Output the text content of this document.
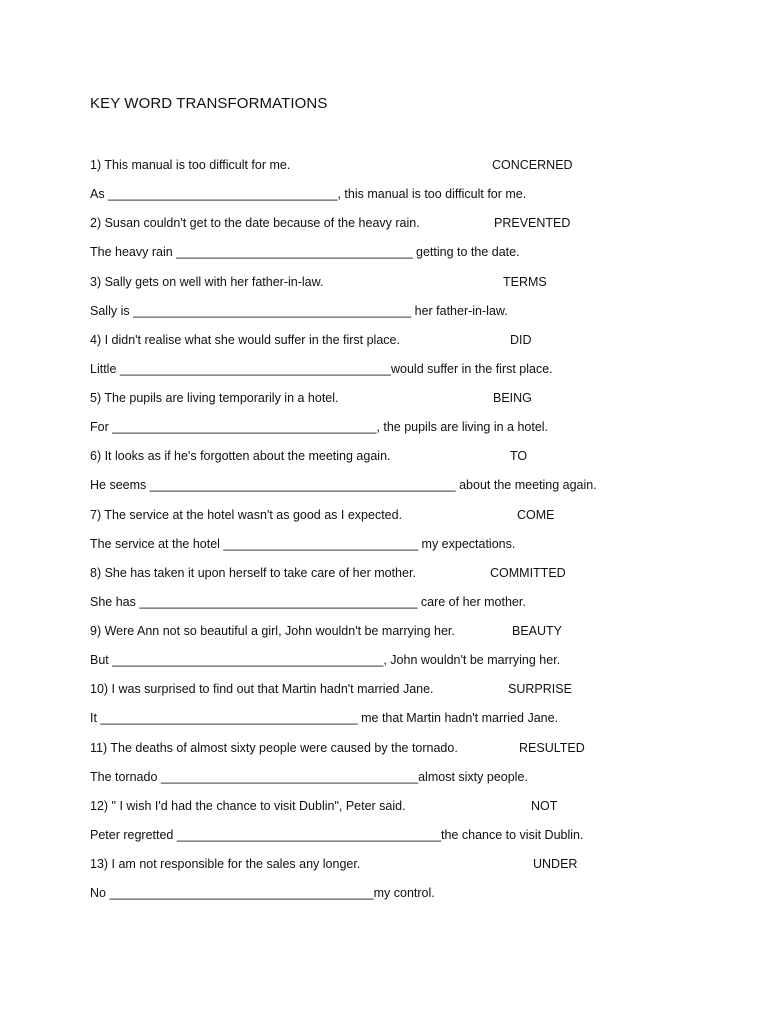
KEY WORD TRANSFORMATIONS
1) This manual is too difficult for me.	CONCERNED
As _________________________________, this manual is too difficult for me.
2) Susan couldn't get to the date because of the heavy rain.	PREVENTED
The heavy rain __________________________________ getting to the date.
3) Sally gets on well with her father-in-law.	TERMS
Sally is ________________________________________ her father-in-law.
4) I didn't realise what she would suffer in the first place.	DID
Little _______________________________________would suffer in the first place.
5) The pupils are living temporarily in a hotel.	BEING
For ______________________________________, the pupils are living in a hotel.
6) It looks as if he's forgotten about the meeting again.	TO
He seems ____________________________________________ about the meeting again.
7) The service at the hotel wasn't as good as I expected.	COME
The service at the hotel ____________________________ my expectations.
8) She has taken it upon herself to take care of her mother.	COMMITTED
She has ________________________________________ care of her mother.
9) Were Ann not so beautiful a girl, John wouldn't be marrying her.	BEAUTY
But _______________________________________, John wouldn't be marrying her.
10) I was surprised to find out that Martin hadn't married Jane.	SURPRISE
It _____________________________________ me that Martin hadn't married Jane.
11) The deaths of almost sixty people were caused by the tornado.	RESULTED
The tornado _____________________________________almost sixty people.
12) " I wish I'd had the chance to visit Dublin", Peter said.	NOT
Peter regretted ______________________________________the chance to visit Dublin.
13) I am not responsible for the sales any longer.	UNDER
No ______________________________________my control.
